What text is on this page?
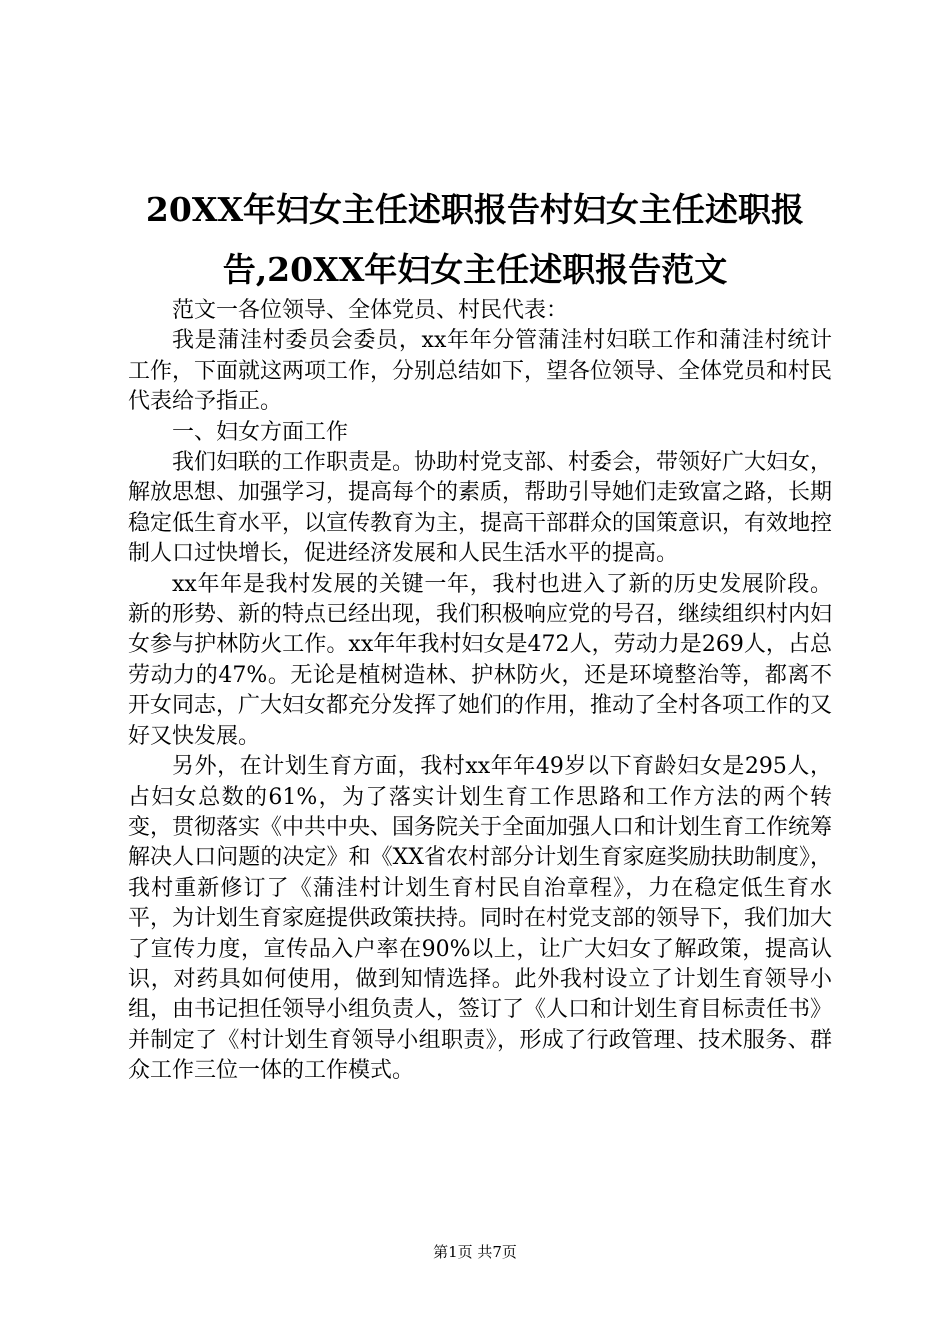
20XX年妇女主任述职报告村妇女主任述职报告,20XX年妇女主任述职报告范文

范文一各位领导、全体党员、村民代表：

我是蒲洼村委员会委员，xx年年分管蒲洼村妇联工作和蒲洼村统计工作，下面就这两项工作，分别总结如下，望各位领导、全体党员和村民代表给予指正。

一、妇女方面工作

我们妇联的工作职责是。协助村党支部、村委会，带领好广大妇女，解放思想、加强学习，提高每个的素质，帮助引导她们走致富之路，长期稳定低生育水平，以宣传教育为主，提高干部群众的国策意识，有效地控制人口过快增长，促进经济发展和人民生活水平的提高。

xx年年是我村发展的关键一年，我村也进入了新的历史发展阶段。新的形势、新的特点已经出现，我们积极响应党的号召，继续组织村内妇女参与护林防火工作。xx年年我村妇女是472人，劳动力是269人，占总劳动力的47%。无论是植树造林、护林防火，还是环境整治等，都离不开女同志，广大妇女都充分发挥了她们的作用，推动了全村各项工作的又好又快发展。

另外，在计划生育方面，我村xx年年49岁以下育龄妇女是295人，占妇女总数的61%，为了落实计划生育工作思路和工作方法的两个转变，贯彻落实《中共中央、国务院关于全面加强人口和计划生育工作统筹解决人口问题的决定》和《XX省农村部分计划生育家庭奖励扶助制度》，我村重新修订了《蒲洼村计划生育村民自治章程》，力在稳定低生育水平，为计划生育家庭提供政策扶持。同时在村党支部的领导下，我们加大了宣传力度，宣传品入户率在90%以上，让广大妇女了解政策，提高认识，对药具如何使用，做到知情选择。此外我村设立了计划生育领导小组，由书记担任领导小组负责人，签订了《人口和计划生育目标责任书》并制定了《村计划生育领导小组职责》，形成了行政管理、技术服务、群众工作三位一体的工作模式。

第1页 共7页
